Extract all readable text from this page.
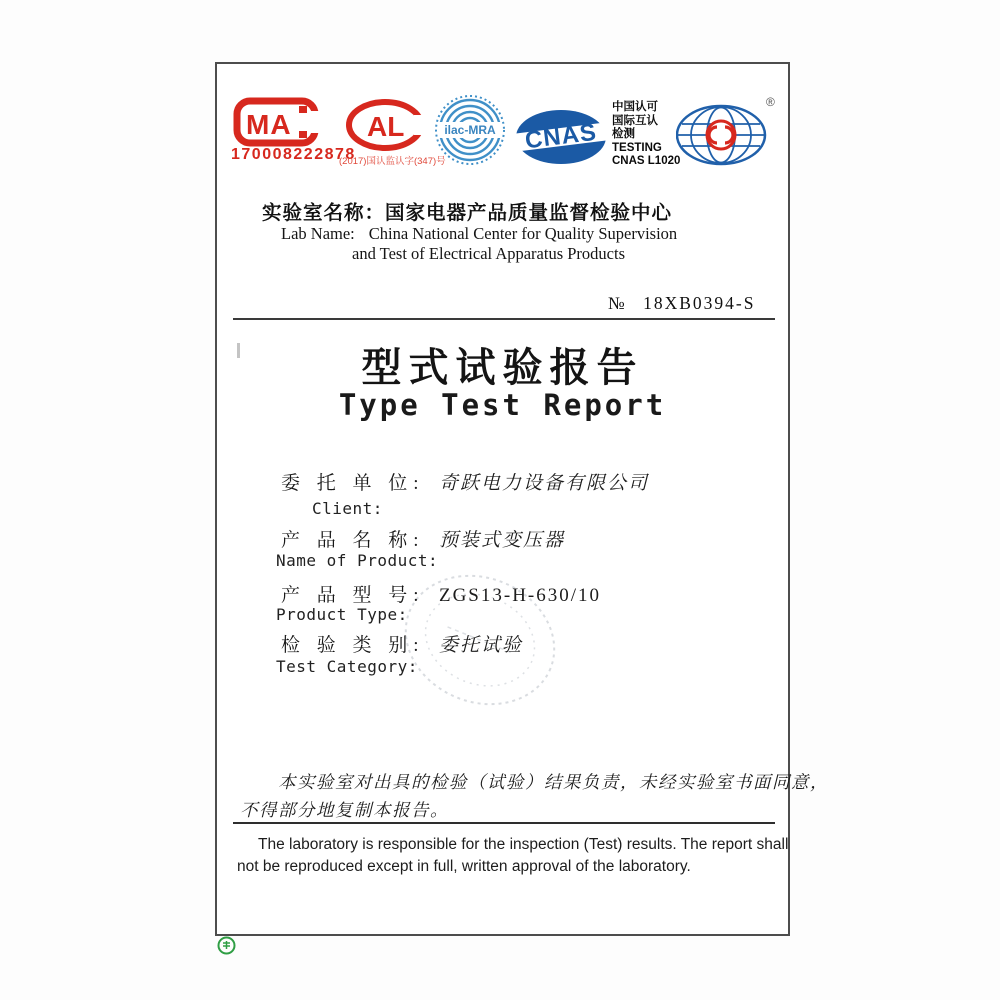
MA
170008222878
AL
(2017)国认监认字(347)号
ilac-MRA CNAS
中国认可
国际互认
检测
TESTING
CNAS L1020
®
实验室名称：国家电器产品质量监督检验中心
Lab Name: China National Center for Quality Supervision
and Test of Electrical Apparatus Products
№ 18XB0394-S
型式试验报告
Type Test Report
委 托 单 位: 奇跃电力设备有限公司
Client:
产 品 名 称: 预装式变压器
Name of Product:
产 品 型 号: ZGS13-H-630/10
Product Type:
检 验 类 别: 委托试验
Test Category:
本实验室对出具的检验（试验）结果负责，未经实验室书面同意，
不得部分地复制本报告。
The laboratory is responsible for the inspection (Test) results. The report shall
not be reproduced except in full, written approval of the laboratory.
